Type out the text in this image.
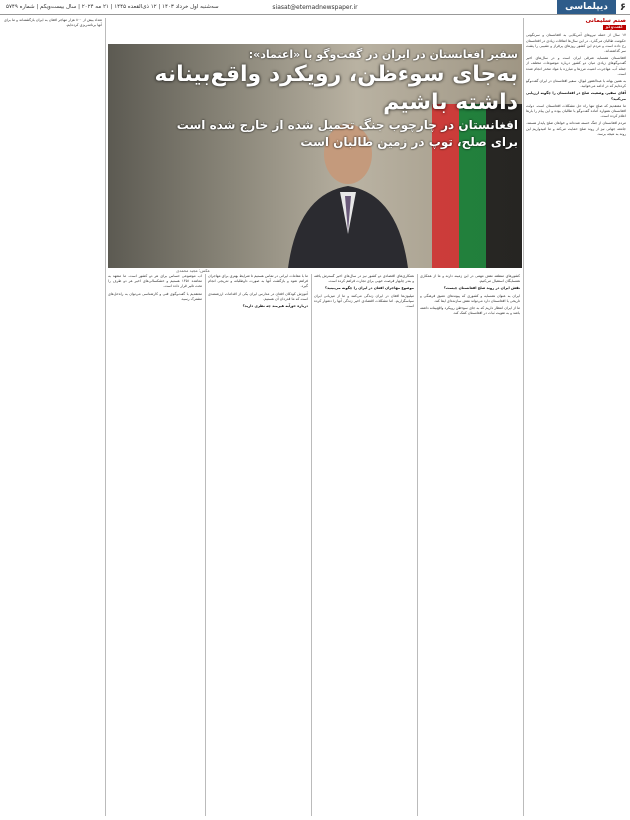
۶
دیپلماسی
siasat@etemadnewspaper.ir
سه‌شنبه اول خرداد ۱۴۰۳ | ۱۲ ذی‌القعده ۱۴۴۵ | ۲۱ مه ۲۰۲۴ | سال بیست‌ویکم | شماره ۵۷۴۹
صنم سلیمانی
گفت‌وگو

۱۷ سال از حمله نیروهای آمریکایی به افغانستان و سرنگونی حکومت طالبان می‌گذرد. در این سال‌ها اتفاقات زیادی در افغانستان رخ داده است و مردم این کشور روزهای پرفراز و نشیبی را پشت سر گذاشته‌اند.

افغانستان همسایه شرقی ایران است و در سال‌های اخیر گفت‌وگوهای زیادی میان دو کشور درباره موضوعات مختلف از جمله آب، مهاجرت، امنیت مرزها و مبارزه با مواد مخدر انجام شده است.

به همین بهانه با عبدالغفور لیوال، سفیر افغانستان در ایران گفت‌وگو کرده‌ایم که در ادامه می‌خوانید.

آقای سفیر، وضعیت صلح در افغانستان را چگونه ارزیابی می‌کنید؟

ما معتقدیم که صلح تنها راه حل مشکلات افغانستان است. دولت افغانستان همواره آماده گفت‌وگو با طالبان بوده و این پیام را بارها اعلام کرده است.

مردم افغانستان از جنگ خسته شده‌اند و خواهان صلح پایدار هستند. جامعه جهانی نیز از روند صلح حمایت می‌کند و ما امیدواریم این روند به نتیجه برسد.

سفیر افغانستان در ایران در گفت‌وگو با «اعتماد»:

به‌جای سوءظن، رویکرد واقع‌بینانه داشته باشیم

افغانستان در چارچوب جنگ تحمیل شده از خارج شده است

برای صلح، توپ در زمین طالبان است

عکس: مجید محمدی

کشورهای منطقه نقش مهمی در این زمینه دارند و ما از همکاری همسایگان استقبال می‌کنیم.

نقش ایران در روند صلح افغانستان چیست؟

ایران به عنوان همسایه و کشوری که پیوندهای عمیق فرهنگی و تاریخی با افغانستان دارد می‌تواند نقش سازنده‌ای ایفا کند.

ما از ایران انتظار داریم که به جای سوءظن رویکرد واقع‌بینانه داشته باشد و به تقویت ثبات در افغانستان کمک کند.

همکاری‌های اقتصادی دو کشور نیز در سال‌های اخیر گسترش یافته و بندر چابهار فرصت خوبی برای تجارت فراهم کرده است.

موضوع مهاجران افغان در ایران را چگونه می‌بینید؟

میلیون‌ها افغان در ایران زندگی می‌کنند و ما از میزبانی ایران سپاسگزاریم. اما مشکلات اقتصادی اخیر زندگی آنها را دشوار کرده است.

ما با مقامات ایرانی در تماس هستیم تا شرایط بهتری برای مهاجران فراهم شود و بازگشت آنها به صورت داوطلبانه و تدریجی انجام گیرد.

آموزش کودکان افغان در مدارس ایران یکی از اقدامات ارزشمندی است که ما قدردان آن هستیم.

درباره حق‌آبه هیرمند چه نظری دارید؟

آب موضوعی حساس برای هر دو کشور است. ما متعهد به معاهده ۱۳۵۱ هستیم و خشکسالی‌های اخیر هر دو طرف را تحت تاثیر قرار داده است.

معتقدیم با گفت‌وگوی فنی و کارشناسی می‌توان به راه‌حل‌های مشترک رسید.

تعداد بیش از ۸۰۰ هزار مهاجر افغان به ایران بازگشته‌اند و ما برای آنها برنامه‌ریزی کرده‌ایم.
